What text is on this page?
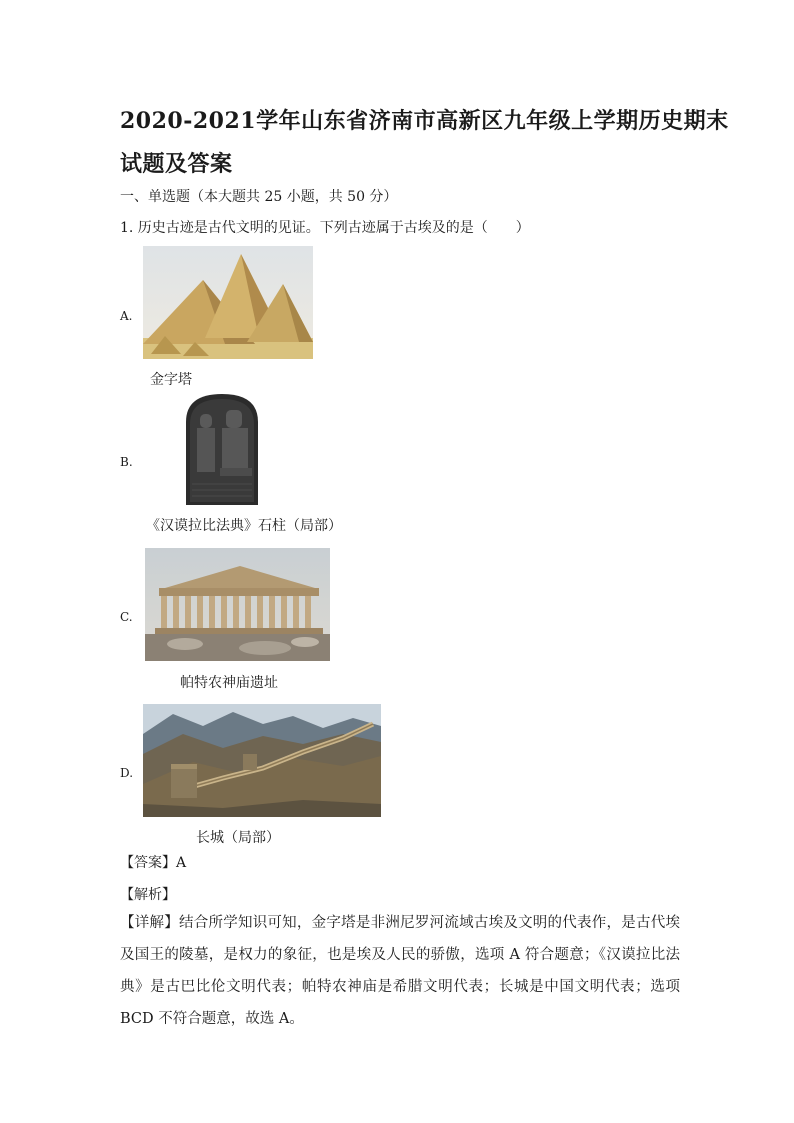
2020-2021学年山东省济南市高新区九年级上学期历史期末
试题及答案
一、单选题（本大题共 25 小题，共 50 分）
1. 历史古迹是古代文明的见证。下列古迹属于古埃及的是（　　）
A.
金字塔
B.
《汉谟拉比法典》石柱（局部）
C.
帕特农神庙遗址
D.
长城（局部）
【答案】A
【解析】
【详解】结合所学知识可知，金字塔是非洲尼罗河流域古埃及文明的代表作，是古代埃及国王的陵墓，是权力的象征，也是埃及人民的骄傲，选项 A 符合题意；《汉谟拉比法典》是古巴比伦文明代表；帕特农神庙是希腊文明代表；长城是中国文明代表；选项 BCD 不符合题意，故选 A。
